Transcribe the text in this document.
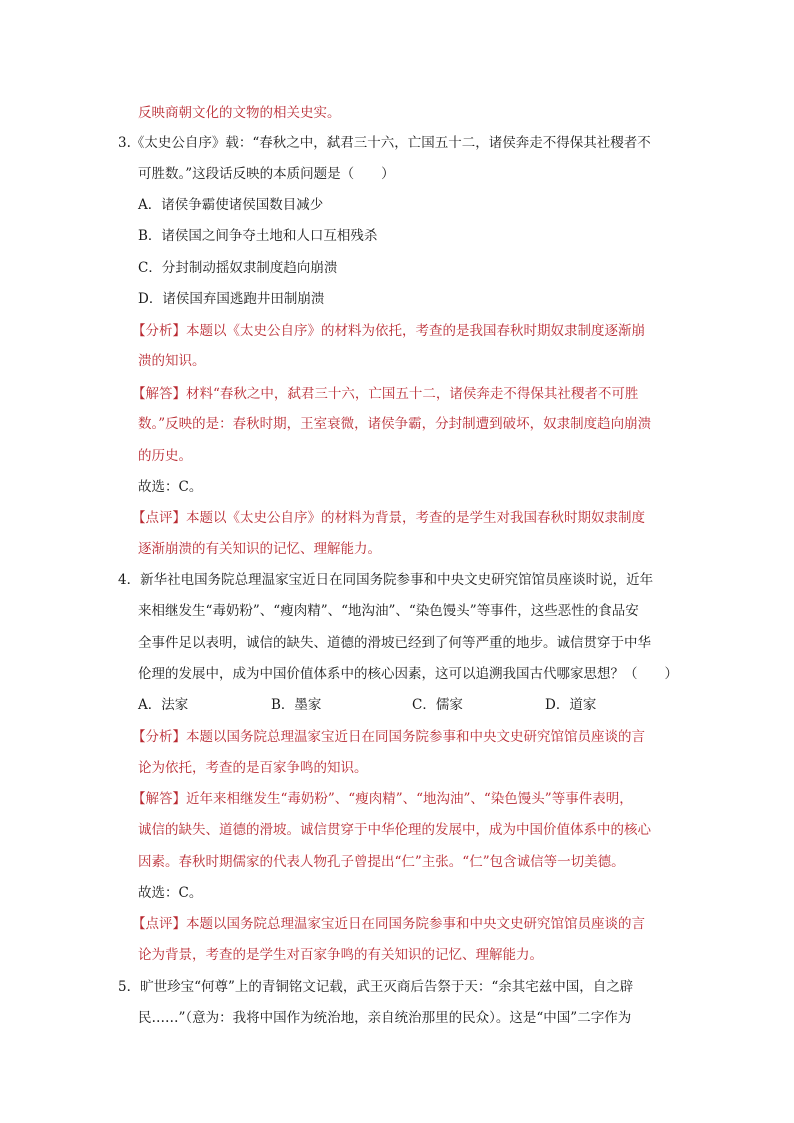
反映商朝文化的文物的相关史实。
3.《太史公自序》载：“春秋之中，弑君三十六，亡国五十二，诸侯奔走不得保其社稷者不
可胜数。”这段话反映的本质问题是（　　）
A．诸侯争霸使诸侯国数目减少
B．诸侯国之间争夺土地和人口互相残杀
C．分封制动摇奴隶制度趋向崩溃
D．诸侯国弃国逃跑井田制崩溃
【分析】本题以《太史公自序》的材料为依托，考查的是我国春秋时期奴隶制度逐渐崩
溃的知识。
【解答】材料“春秋之中，弑君三十六，亡国五十二，诸侯奔走不得保其社稷者不可胜
数。”反映的是：春秋时期，王室衰微，诸侯争霸，分封制遭到破坏，奴隶制度趋向崩溃
的历史。
故选：C。
【点评】本题以《太史公自序》的材料为背景，考查的是学生对我国春秋时期奴隶制度
逐渐崩溃的有关知识的记忆、理解能力。
4．新华社电国务院总理温家宝近日在同国务院参事和中央文史研究馆馆员座谈时说，近年
来相继发生“毒奶粉”、“瘦肉精”、“地沟油”、“染色馒头”等事件，这些恶性的食品安
全事件足以表明，诚信的缺失、道德的滑坡已经到了何等严重的地步。诚信贯穿于中华
伦理的发展中，成为中国价值体系中的核心因素，这可以追溯我国古代哪家思想？（　　）
A．法家	B．墨家	C．儒家	D．道家
【分析】本题以国务院总理温家宝近日在同国务院参事和中央文史研究馆馆员座谈的言
论为依托，考查的是百家争鸣的知识。
【解答】近年来相继发生“毒奶粉”、“瘦肉精”、“地沟油”、“染色馒头”等事件表明，
诚信的缺失、道德的滑坡。诚信贯穿于中华伦理的发展中，成为中国价值体系中的核心
因素。春秋时期儒家的代表人物孔子曾提出“仁”主张。“仁”包含诚信等一切美德。
故选：C。
【点评】本题以国务院总理温家宝近日在同国务院参事和中央文史研究馆馆员座谈的言
论为背景，考查的是学生对百家争鸣的有关知识的记忆、理解能力。
5．旷世珍宝“何尊”上的青铜铭文记载，武王灭商后告祭于天：“余其宅兹中国，自之辟
民……”（意为：我将中国作为统治地，亲自统治那里的民众）。这是“中国”二字作为
